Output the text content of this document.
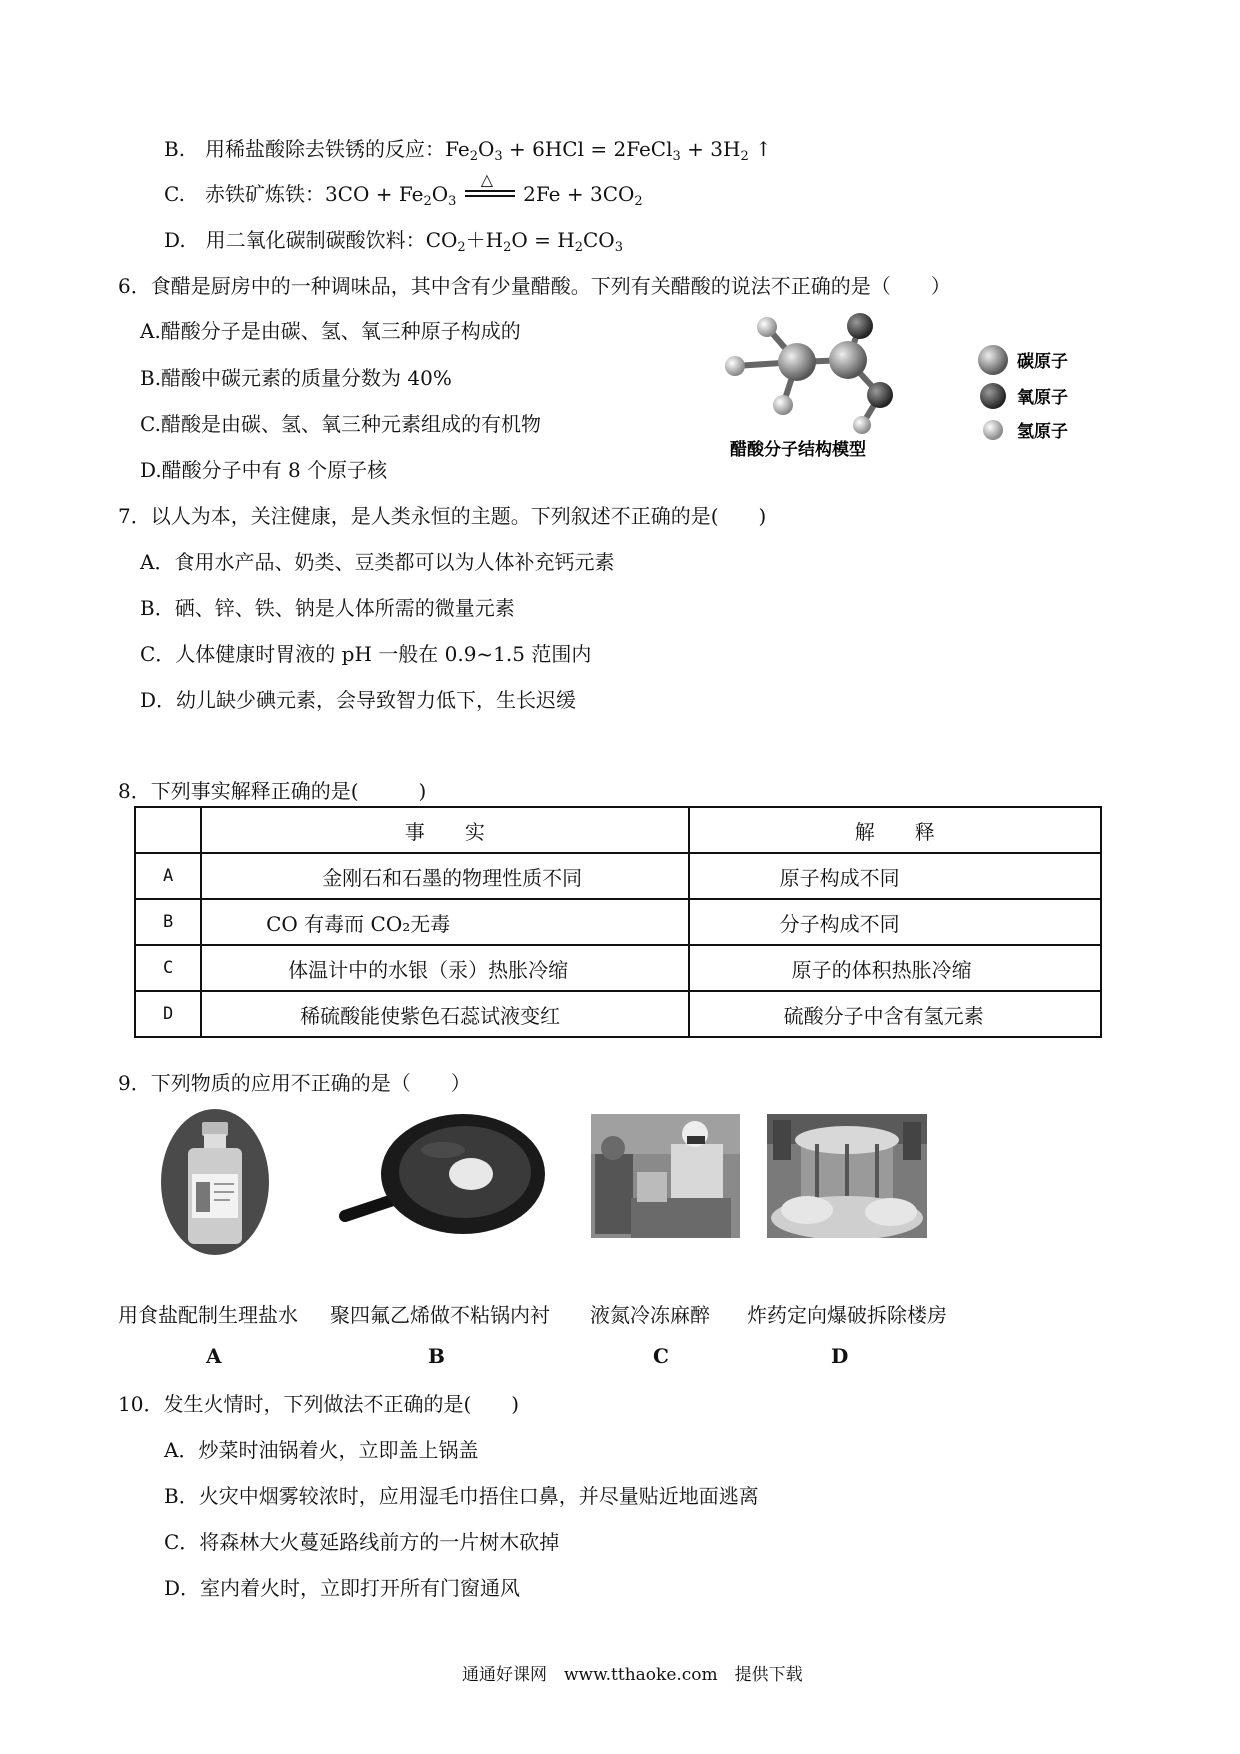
B.　用稀盐酸除去铁锈的反应：$Fe_2O_3 + 6HCl$ = 2FeCl$_3$ + $3H_2$ ↑
C.　赤铁矿炼铁：$3CO + Fe_2O_3$
△
$2Fe + 3CO_2$
D.　用二氧化碳制碳酸饮料：$CO_2+H_2O = H_2CO_3$
6．食醋是厨房中的一种调味品，其中含有少量醋酸。下列有关醋酸的说法不正确的是（　　）
A.醋酸分子是由碳、氢、氧三种原子构成的
B.醋酸中碳元素的质量分数为 40%
C.醋酸是由碳、氢、氧三种元素组成的有机物
D.醋酸分子中有 8 个原子核
碳原子
氧原子
氢原子
醋酸分子结构模型
7．以人为本，关注健康，是人类永恒的主题。下列叙述不正确的是(　　)
A．食用水产品、奶类、豆类都可以为人体补充钙元素
B．硒、锌、铁、钠是人体所需的微量元素
C．人体健康时胃液的 pH 一般在 0.9~1.5 范围内
D．幼儿缺少碘元素，会导致智力低下，生长迟缓
8．下列事实解释正确的是(　　　)
	事　　实	解　　释
A	金刚石和石墨的物理性质不同	原子构成不同
B	CO 有毒而 CO₂无毒	分子构成不同
C	体温计中的水银（汞）热胀冷缩	原子的体积热胀冷缩
D	稀硫酸能使紫色石蕊试液变红	硫酸分子中含有氢元素
9．下列物质的应用不正确的是（　　）
用食盐配制生理盐水 聚四氟乙烯做不粘锅内衬 液氮冷冻麻醉 炸药定向爆破拆除楼房
A	B	C	D
10．发生火情时，下列做法不正确的是(　　)
A．炒菜时油锅着火，立即盖上锅盖
B．火灾中烟雾较浓时，应用湿毛巾捂住口鼻，并尽量贴近地面逃离
C．将森林大火蔓延路线前方的一片树木砍掉
D．室内着火时，立即打开所有门窗通风
通通好课网　www.tthaoke.com　提供下载
